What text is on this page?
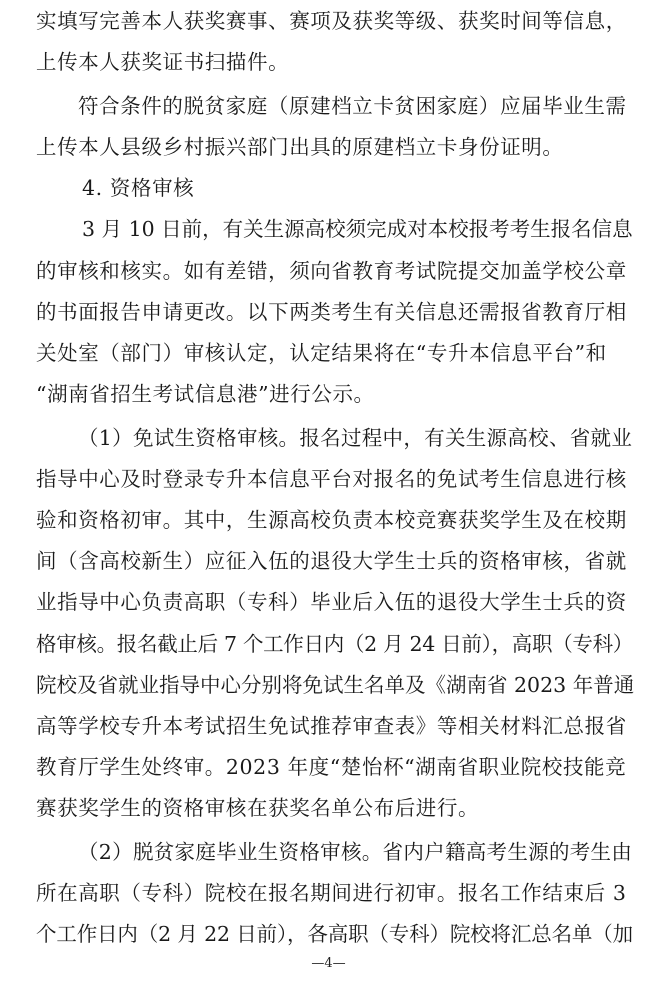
实填写完善本人获奖赛事、赛项及获奖等级、获奖时间等信息，
上传本人获奖证书扫描件。
符合条件的脱贫家庭（原建档立卡贫困家庭）应届毕业生需
上传本人县级乡村振兴部门出具的原建档立卡身份证明。
4. 资格审核
3 月 10 日前，有关生源高校须完成对本校报考考生报名信息
的审核和核实。如有差错，须向省教育考试院提交加盖学校公章
的书面报告申请更改。以下两类考生有关信息还需报省教育厅相
关处室（部门）审核认定，认定结果将在“专升本信息平台”和
“湖南省招生考试信息港”进行公示。
（1）免试生资格审核。报名过程中，有关生源高校、省就业
指导中心及时登录专升本信息平台对报名的免试考生信息进行核
验和资格初审。其中，生源高校负责本校竞赛获奖学生及在校期
间（含高校新生）应征入伍的退役大学生士兵的资格审核，省就
业指导中心负责高职（专科）毕业后入伍的退役大学生士兵的资
格审核。报名截止后 7 个工作日内（2 月 24 日前），高职（专科）
院校及省就业指导中心分别将免试生名单及《湖南省 2023 年普通
高等学校专升本考试招生免试推荐审查表》等相关材料汇总报省
教育厅学生处终审。2023 年度“楚怡杯“湖南省职业院校技能竞
赛获奖学生的资格审核在获奖名单公布后进行。
（2）脱贫家庭毕业生资格审核。省内户籍高考生源的考生由
所在高职（专科）院校在报名期间进行初审。报名工作结束后 3
个工作日内（2 月 22 日前），各高职（专科）院校将汇总名单（加
—4—
